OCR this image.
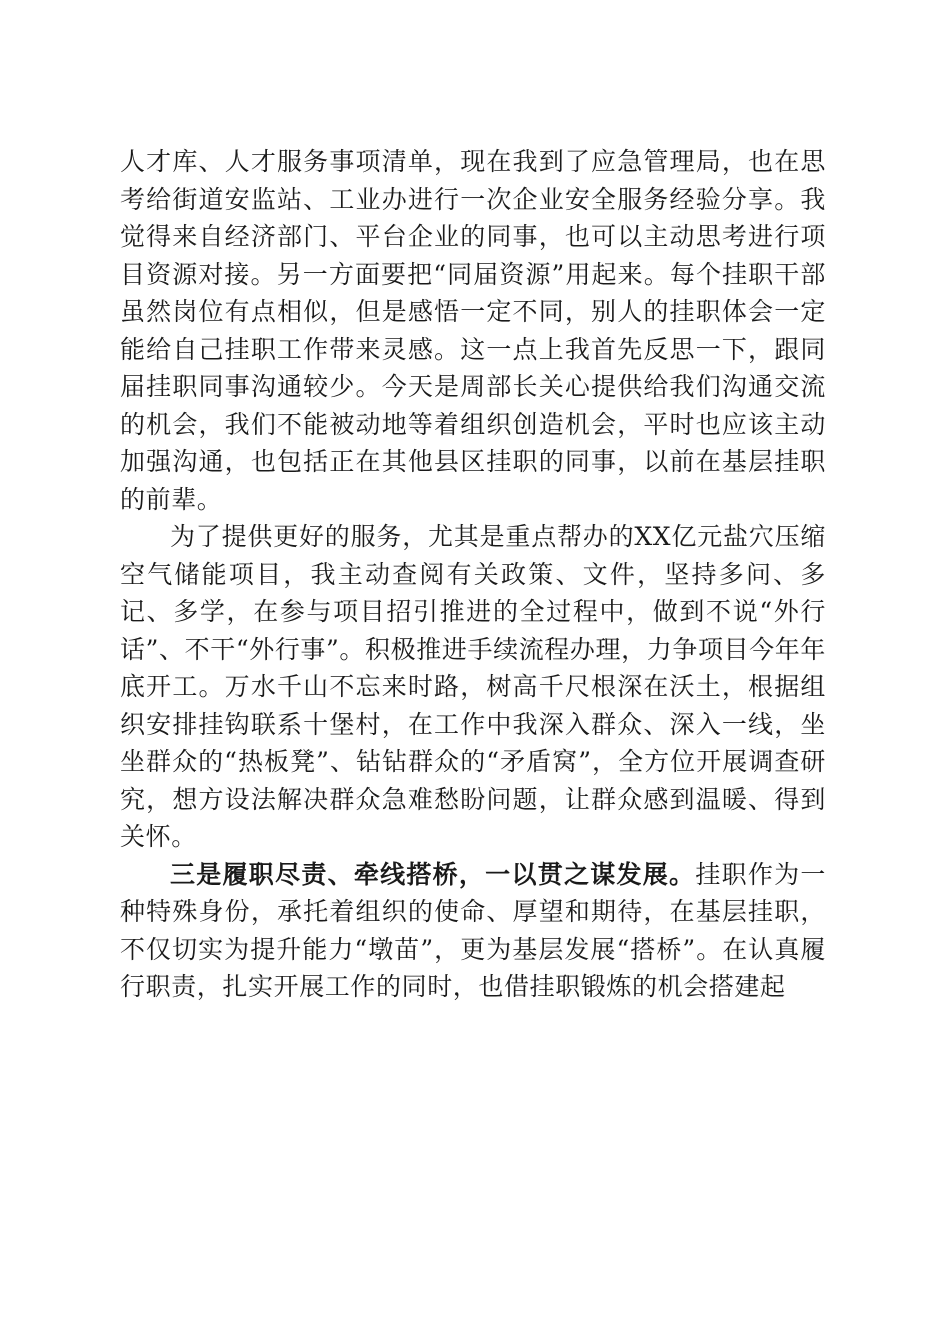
人才库、人才服务事项清单，现在我到了应急管理局，也在思考给街道安监站、工业办进行一次企业安全服务经验分享。我觉得来自经济部门、平台企业的同事，也可以主动思考进行项目资源对接。另一方面要把“同届资源”用起来。每个挂职干部虽然岗位有点相似，但是感悟一定不同，别人的挂职体会一定能给自己挂职工作带来灵感。这一点上我首先反思一下，跟同届挂职同事沟通较少。今天是周部长关心提供给我们沟通交流的机会，我们不能被动地等着组织创造机会，平时也应该主动加强沟通，也包括正在其他县区挂职的同事，以前在基层挂职的前辈。

为了提供更好的服务，尤其是重点帮办的XX亿元盐穴压缩空气储能项目，我主动查阅有关政策、文件，坚持多问、多记、多学，在参与项目招引推进的全过程中，做到不说“外行话”、不干“外行事”。积极推进手续流程办理，力争项目今年年底开工。万水千山不忘来时路，树高千尺根深在沃土，根据组织安排挂钩联系十堡村，在工作中我深入群众、深入一线，坐坐群众的“热板凳”、钻钻群众的“矛盾窝”，全方位开展调查研究，想方设法解决群众急难愁盼问题，让群众感到温暖、得到关怀。

三是履职尽责、牵线搭桥，一以贯之谋发展。挂职作为一种特殊身份，承托着组织的使命、厚望和期待，在基层挂职，不仅切实为提升能力“墩苗”，更为基层发展“搭桥”。在认真履行职责，扎实开展工作的同时，也借挂职锻炼的机会搭建起
